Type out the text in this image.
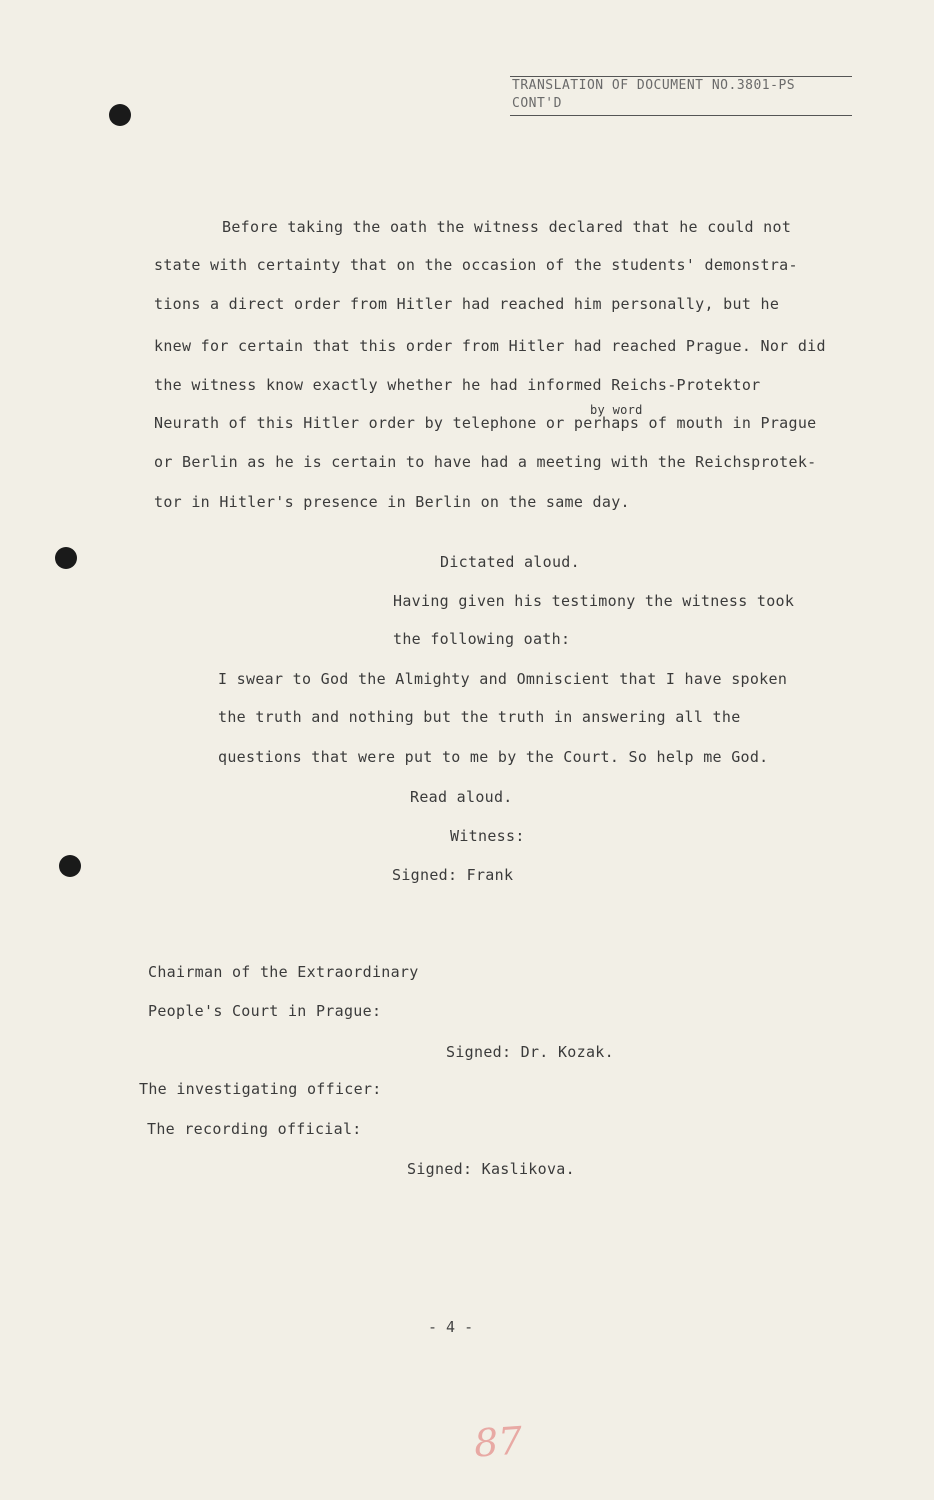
TRANSLATION OF DOCUMENT NO.3801-PS
CONT'D
Before taking the oath the witness declared that he could not
state with certainty that on the occasion of the students' demonstra-
tions a direct order from Hitler had reached him personally, but he
knew for certain that this order from Hitler had reached Prague. Nor did
the witness know exactly whether he had informed Reichs-Protektor
by word
Neurath of this Hitler order by telephone or perhaps of mouth in Prague
or Berlin as he is certain to have had a meeting with the Reichsprotek-
tor in Hitler's presence in Berlin on the same day.
Dictated aloud.
Having given his testimony the witness took
the following oath:
I swear to God the Almighty and Omniscient that I have spoken
the truth and nothing but the truth in answering all the
questions that were put to me by the Court. So help me God.
Read aloud.
Witness:
Signed: Frank
Chairman of the Extraordinary
People's Court in Prague:
Signed: Dr. Kozak.
The investigating officer:
The recording official:
Signed: Kaslikova.
- 4 -
87
